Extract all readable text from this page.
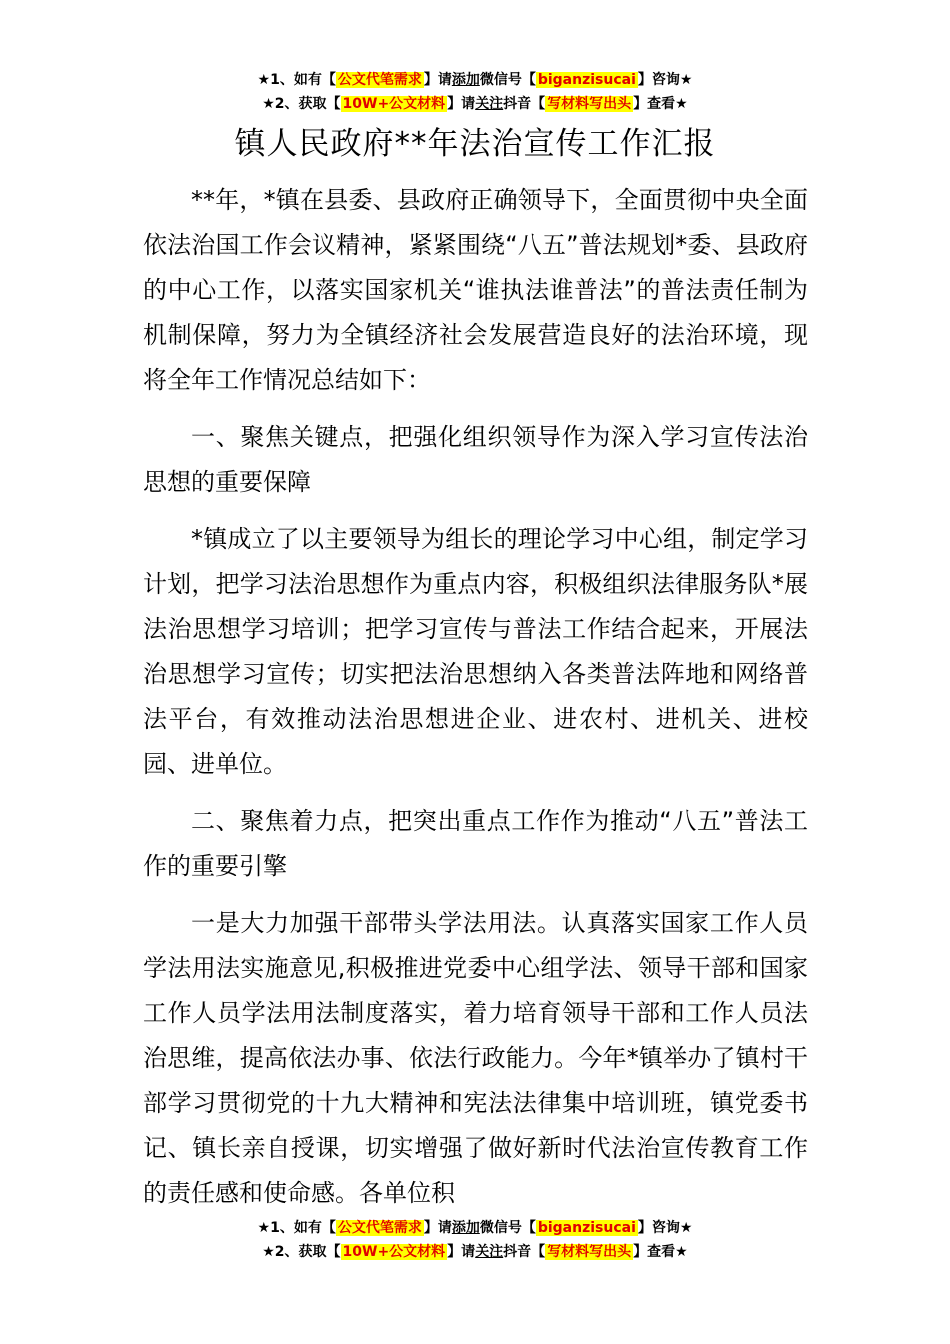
★1、如有【 公文代笔需求 】请添加微信号【 biganzisucai 】咨询★
★2、获取【 10W+公文材料 】请关注抖音【 写材料写出头 】查看★
镇人民政府**年法治宣传工作汇报

**年，*镇在县委、县政府正确领导下，全面贯彻中央全面依法治国工作会议精神，紧紧围绕“八五”普法规划*委、县政府的中心工作，以落实国家机关“谁执法谁普法”的普法责任制为机制保障，努力为全镇经济社会发展营造良好的法治环境，现将全年工作情况总结如下：

一、聚焦关键点，把强化组织领导作为深入学习宣传法治思想的重要保障

*镇成立了以主要领导为组长的理论学习中心组，制定学习计划，把学习法治思想作为重点内容，积极组织法律服务队*展法治思想学习培训；把学习宣传与普法工作结合起来，开展法治思想学习宣传；切实把法治思想纳入各类普法阵地和网络普法平台，有效推动法治思想进企业、进农村、进机关、进校园、进单位。

二、聚焦着力点，把突出重点工作作为推动“八五”普法工作的重要引擎

一是大力加强干部带头学法用法。认真落实国家工作人员学法用法实施意见,积极推进党委中心组学法、领导干部和国家工作人员学法用法制度落实，着力培育领导干部和工作人员法治思维，提高依法办事、依法行政能力。今年*镇举办了镇村干部学习贯彻党的十九大精神和宪法法律集中培训班，镇党委书记、镇长亲自授课，切实增强了做好新时代法治宣传教育工作的责任感和使命感。各单位积

★1、如有【 公文代笔需求 】请添加微信号【 biganzisucai 】咨询★
★2、获取【 10W+公文材料 】请关注抖音【 写材料写出头 】查看★
